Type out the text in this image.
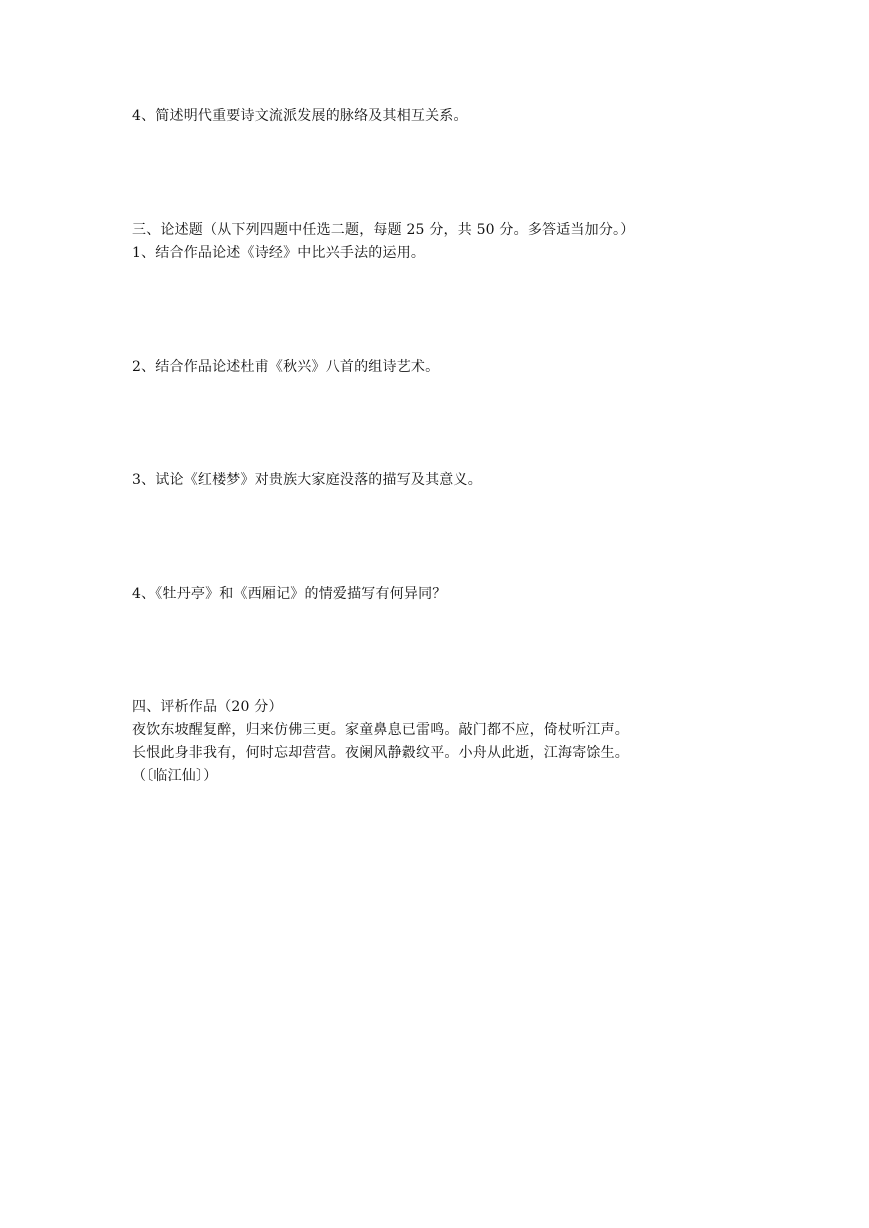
4、简述明代重要诗文流派发展的脉络及其相互关系。
三、论述题（从下列四题中任选二题，每题 25 分，共 50 分。多答适当加分。）
1、结合作品论述《诗经》中比兴手法的运用。
2、结合作品论述杜甫《秋兴》八首的组诗艺术。
3、试论《红楼梦》对贵族大家庭没落的描写及其意义。
4、《牡丹亭》和《西厢记》的情爱描写有何异同？
四、评析作品（20 分）
夜饮东坡醒复醉，归来仿佛三更。家童鼻息已雷鸣。敲门都不应，倚杖听江声。
长恨此身非我有，何时忘却营营。夜阑风静縠纹平。小舟从此逝，江海寄馀生。
（〔临江仙〕）
